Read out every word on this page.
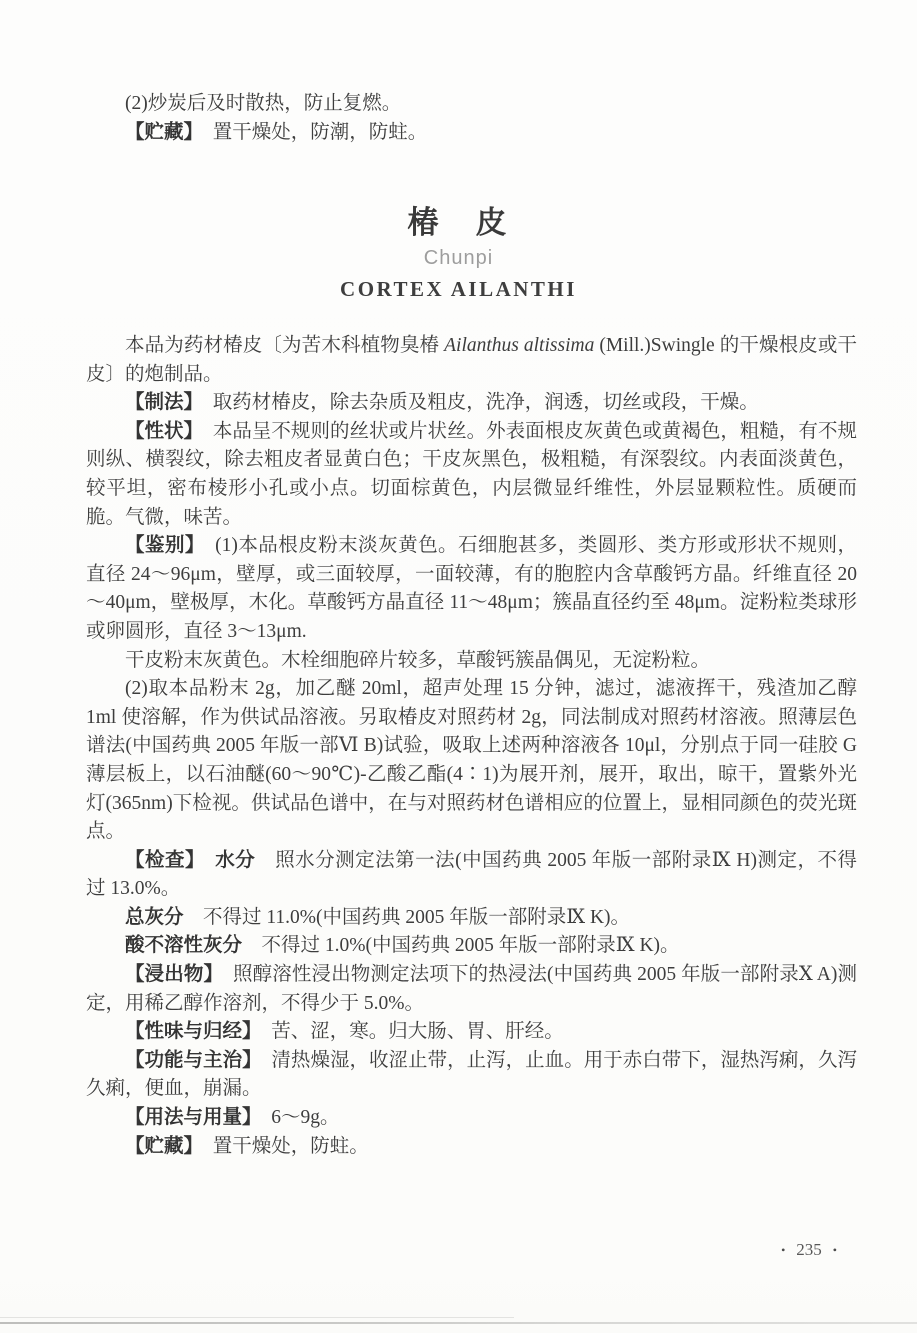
(2)炒炭后及时散热，防止复燃。

【贮藏】　置干燥处，防潮，防蛀。

椿　皮
Chunpi
CORTEX AILANTHI

本品为药材椿皮〔为苦木科植物臭椿 Ailanthus altissima (Mill.)Swingle 的干燥根皮或干皮〕的炮制品。

【制法】　取药材椿皮，除去杂质及粗皮，洗净，润透，切丝或段，干燥。

【性状】　本品呈不规则的丝状或片状丝。外表面根皮灰黄色或黄褐色，粗糙，有不规则纵、横裂纹，除去粗皮者显黄白色；干皮灰黑色，极粗糙，有深裂纹。内表面淡黄色，较平坦，密布棱形小孔或小点。切面棕黄色，内层微显纤维性，外层显颗粒性。质硬而脆。气微，味苦。

【鉴别】　(1)本品根皮粉末淡灰黄色。石细胞甚多，类圆形、类方形或形状不规则，直径 24～96μm，壁厚，或三面较厚，一面较薄，有的胞腔内含草酸钙方晶。纤维直径 20～40μm，壁极厚，木化。草酸钙方晶直径 11～48μm；簇晶直径约至 48μm。淀粉粒类球形或卵圆形，直径 3～13μm.

干皮粉末灰黄色。木栓细胞碎片较多，草酸钙簇晶偶见，无淀粉粒。

(2)取本品粉末 2g，加乙醚 20ml，超声处理 15 分钟，滤过，滤液挥干，残渣加乙醇 1ml 使溶解，作为供试品溶液。另取椿皮对照药材 2g，同法制成对照药材溶液。照薄层色谱法(中国药典 2005 年版一部Ⅵ B)试验，吸取上述两种溶液各 10μl，分别点于同一硅胶 G 薄层板上，以石油醚(60～90℃)-乙酸乙酯(4∶1)为展开剂，展开，取出，晾干，置紫外光灯(365nm)下检视。供试品色谱中，在与对照药材色谱相应的位置上，显相同颜色的荧光斑点。

【检查】　 水分　照水分测定法第一法(中国药典 2005 年版一部附录Ⅸ H)测定，不得过 13.0%。

总灰分　不得过 11.0%(中国药典 2005 年版一部附录Ⅸ K)。

酸不溶性灰分　不得过 1.0%(中国药典 2005 年版一部附录Ⅸ K)。

【浸出物】　照醇溶性浸出物测定法项下的热浸法(中国药典 2005 年版一部附录Ⅹ A)测定，用稀乙醇作溶剂，不得少于 5.0%。

【性味与归经】　苦、涩，寒。归大肠、胃、肝经。

【功能与主治】　清热燥湿，收涩止带，止泻，止血。用于赤白带下，湿热泻痢，久泻久痢，便血，崩漏。

【用法与用量】　6～9g。

【贮藏】　置干燥处，防蛀。

• 235 •
